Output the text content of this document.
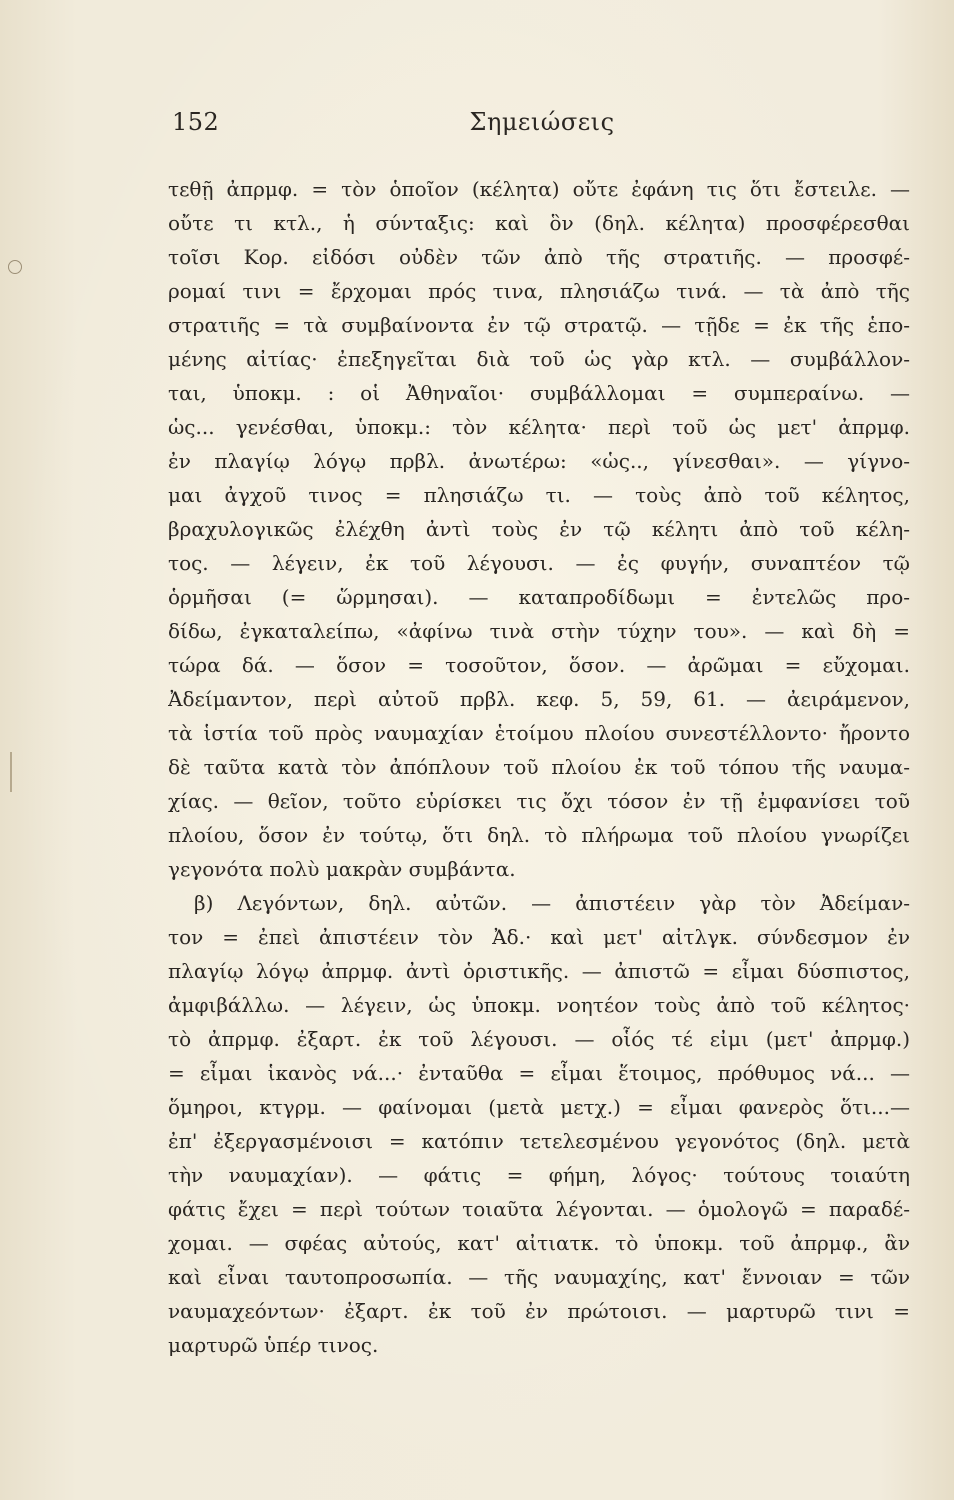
152	Σημειώσεις
τεθῇ ἀπρμφ. = τὸν ὁποῖον (κέλητα) οὔτε ἐφάνη τις ὅτι ἔστειλε. —
οὔτε τι κτλ., ἡ σύνταξις: καὶ ὃν (δηλ. κέλητα) προσφέρεσθαι
τοῖσι Κορ. εἰδόσι οὐδὲν τῶν ἀπὸ τῆς στρατιῆς. — προσφέ-
ρομαί τινι = ἔρχομαι πρός τινα, πλησιάζω τινά. — τὰ ἀπὸ τῆς
στρατιῆς = τὰ συμβαίνοντα ἐν τῷ στρατῷ. — τῇδε = ἐκ τῆς ἑπο-
μένης αἰτίας· ἐπεξηγεῖται διὰ τοῦ ὡς γὰρ κτλ. — συμβάλλον-
ται, ὑποκμ. : οἱ Ἀθηναῖοι· συμβάλλομαι = συμπεραίνω. —
ὡς... γενέσθαι, ὑποκμ.: τὸν κέλητα· περὶ τοῦ ὡς μετ' ἀπρμφ.
ἐν πλαγίῳ λόγῳ πρβλ. ἀνωτέρω: «ὡς.., γίνεσθαι». — γίγνο-
μαι ἀγχοῦ τινος = πλησιάζω τι. — τοὺς ἀπὸ τοῦ κέλητος,
βραχυλογικῶς ἐλέχθη ἀντὶ τοὺς ἐν τῷ κέλητι ἀπὸ τοῦ κέλη-
τος. — λέγειν, ἐκ τοῦ λέγουσι. — ἐς φυγήν, συναπτέον τῷ
ὁρμῆσαι (= ὥρμησαι). — καταπροδίδωμι = ἐντελῶς προ-
δίδω, ἐγκαταλείπω, «ἀφίνω τινὰ στὴν τύχην του». — καὶ δὴ =
τώρα δά. — ὅσον = τοσοῦτον, ὅσον. — ἀρῶμαι = εὔχομαι.
Ἀδείμαντον, περὶ αὐτοῦ πρβλ. κεφ. 5, 59, 61. — ἀειράμενον,
τὰ ἱστία τοῦ πρὸς ναυμαχίαν ἑτοίμου πλοίου συνεστέλλοντο· ἤροντο
δὲ ταῦτα κατὰ τὸν ἀπόπλουν τοῦ πλοίου ἐκ τοῦ τόπου τῆς ναυμα-
χίας. — θεῖον, τοῦτο εὑρίσκει τις ὄχι τόσον ἐν τῇ ἐμφανίσει τοῦ
πλοίου, ὅσον ἐν τούτῳ, ὅτι δηλ. τὸ πλήρωμα τοῦ πλοίου γνωρίζει
γεγονότα πολὺ μακρὰν συμβάντα.
β) Λεγόντων, δηλ. αὐτῶν. — ἀπιστέειν γὰρ τὸν Ἀδείμαν-
τον = ἐπεὶ ἀπιστέειν τὸν Ἀδ.· καὶ μετ' αἰτλγκ. σύνδεσμον ἐν
πλαγίῳ λόγῳ ἀπρμφ. ἀντὶ ὁριστικῆς. — ἀπιστῶ = εἶμαι δύσπιστος,
ἀμφιβάλλω. — λέγειν, ὡς ὑποκμ. νοητέον τοὺς ἀπὸ τοῦ κέλητος·
τὸ ἀπρμφ. ἐξαρτ. ἐκ τοῦ λέγουσι. — οἷός τέ εἰμι (μετ' ἀπρμφ.)
= εἶμαι ἱκανὸς νά...· ἐνταῦθα = εἶμαι ἕτοιμος, πρόθυμος νά... —
ὅμηροι, κτγρμ. — φαίνομαι (μετὰ μετχ.) = εἶμαι φανερὸς ὅτι...—
ἐπ' ἐξεργασμένοισι = κατόπιν τετελεσμένου γεγονότος (δηλ. μετὰ
τὴν ναυμαχίαν). — φάτις = φήμη, λόγος· τούτους τοιαύτη
φάτις ἔχει = περὶ τούτων τοιαῦτα λέγονται. — ὁμολογῶ = παραδέ-
χομαι. — σφέας αὐτούς, κατ' αἰτιατκ. τὸ ὑποκμ. τοῦ ἀπρμφ., ἂν
καὶ εἶναι ταυτοπροσωπία. — τῆς ναυμαχίης, κατ' ἔννοιαν = τῶν
ναυμαχεόντων· ἐξαρτ. ἐκ τοῦ ἐν πρώτοισι. — μαρτυρῶ τινι =
μαρτυρῶ ὑπέρ τινος.
